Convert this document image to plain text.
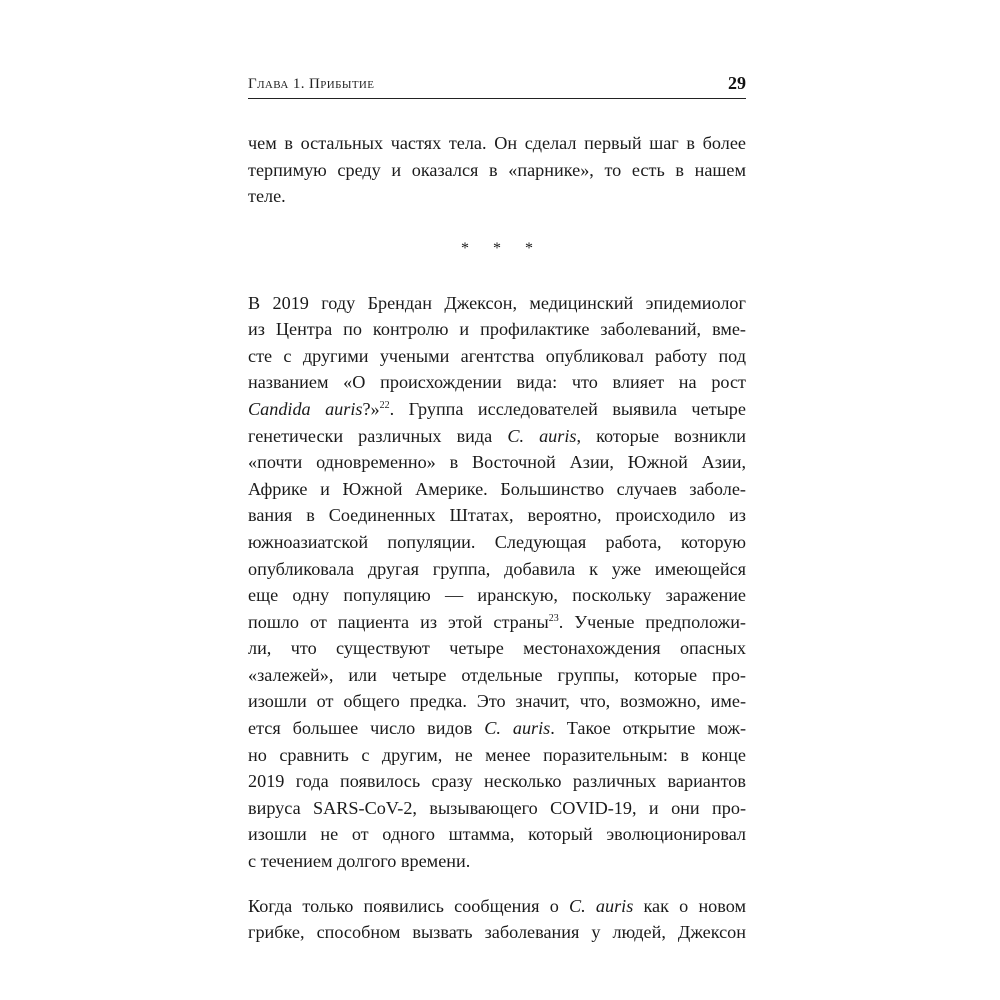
Глава 1. Прибытие	29
чем в остальных частях тела. Он сделал первый шаг в более
терпимую среду и оказался в «парнике», то есть в нашем
теле.
* * *
В 2019 году Брендан Джексон, медицинский эпидемиолог
из Центра по контролю и профилактике заболеваний, вме-
сте с другими учеными агентства опубликовал работу под
названием «О происхождении вида: что влияет на рост
Candida auris?»$^{22}$. Группа исследователей выявила четыре
генетически различных вида C. auris, которые возникли
«почти одновременно» в Восточной Азии, Южной Азии,
Африке и Южной Америке. Большинство случаев заболе-
вания в Соединенных Штатах, вероятно, происходило из
южноазиатской популяции. Следующая работа, которую
опубликовала другая группа, добавила к уже имеющейся
еще одну популяцию — иранскую, поскольку заражение
пошло от пациента из этой страны$^{23}$. Ученые предположи-
ли, что существуют четыре местонахождения опасных
«залежей», или четыре отдельные группы, которые про-
изошли от общего предка. Это значит, что, возможно, име-
ется большее число видов C. auris. Такое открытие мож-
но сравнить с другим, не менее поразительным: в конце
2019 года появилось сразу несколько различных вариантов
вируса SARS-CoV-2, вызывающего COVID-19, и они про-
изошли не от одного штамма, который эволюционировал
с течением долгого времени.
Когда только появились сообщения о C. auris как о новом
грибке, способном вызвать заболевания у людей, Джексон
